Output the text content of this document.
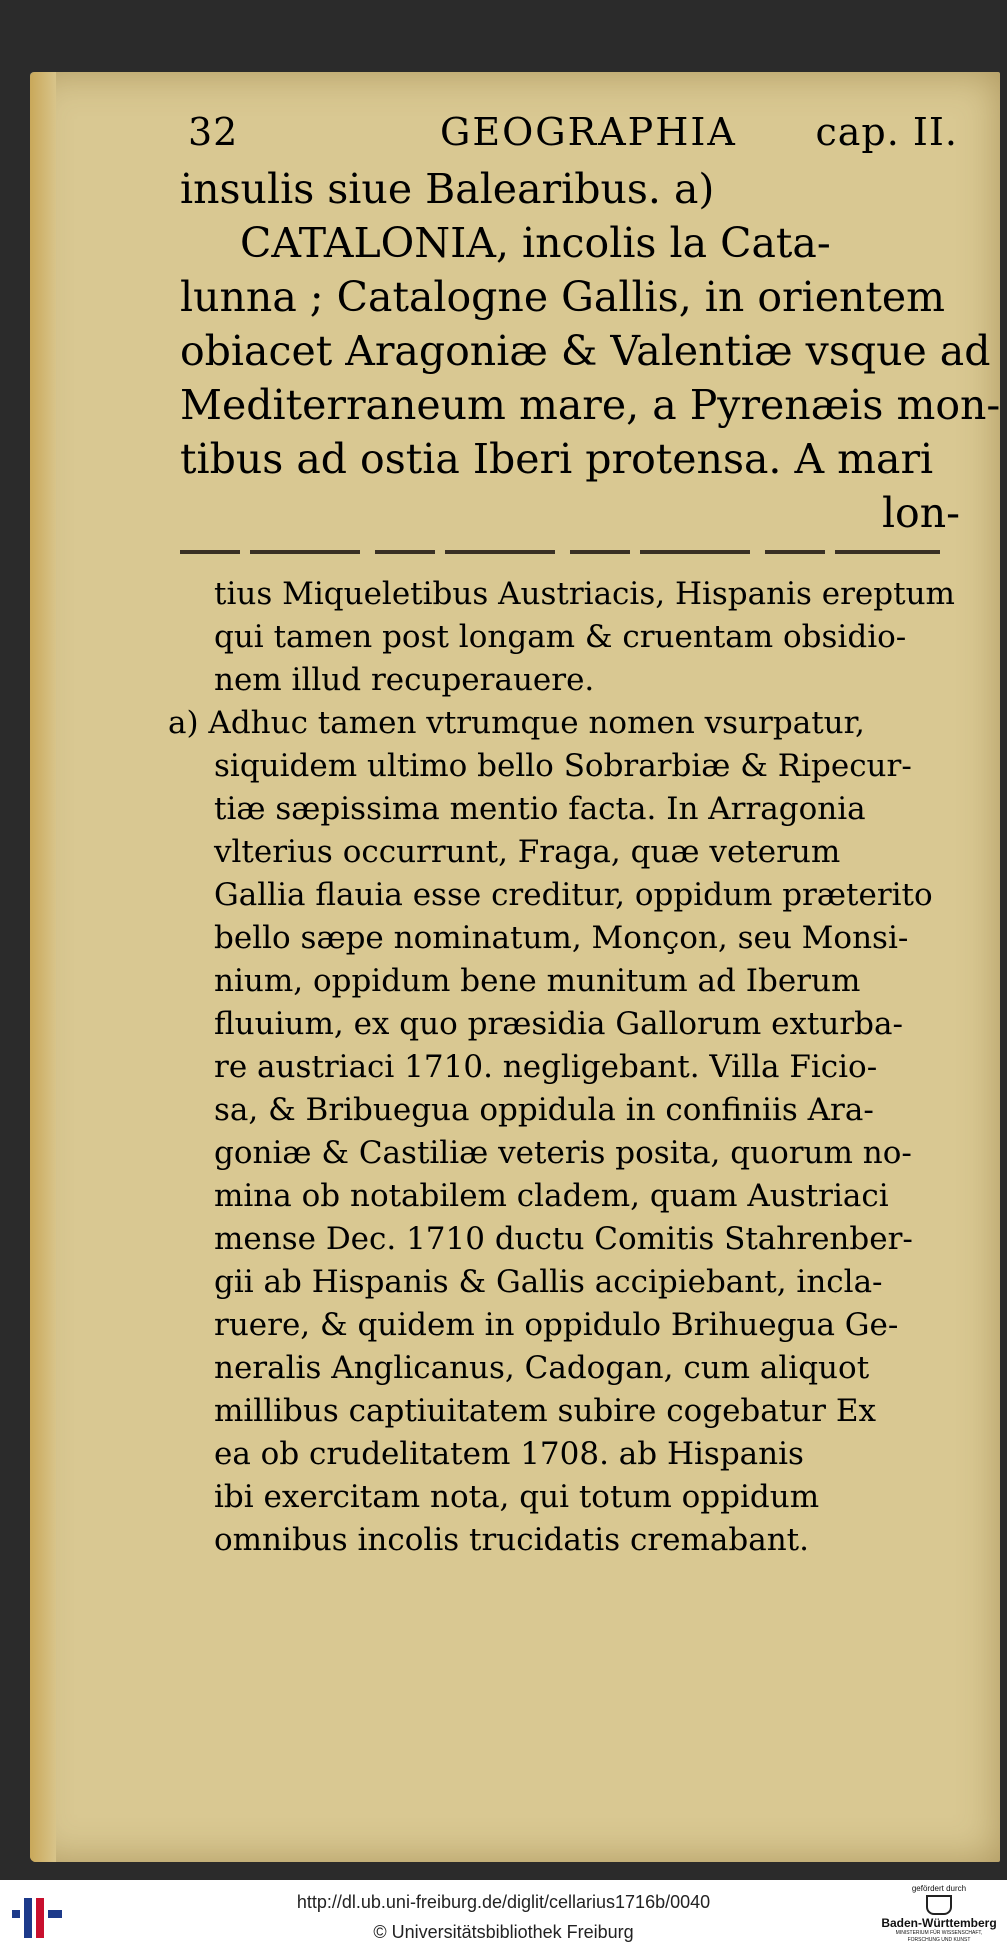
32	GEOGRAPHIA cap. II.
insulis siue Balearibus. a)
CATALONIA, incolis la Cata-
lunna ; Catalogne Gallis, in orientem
obiacet Aragoniæ & Valentiæ vsque ad
Mediterraneum mare, a Pyrenæis mon-
tibus ad ostia Iberi protensa. A mari
lon-
tius Miqueletibus Austriacis, Hispanis ereptum
qui tamen post longam & cruentam obsidio-
nem illud recuperauere.
a) Adhuc tamen vtrumque nomen vsurpatur,
siquidem ultimo bello Sobrarbiæ & Ripecur-
tiæ sæpissima mentio facta. In Arragonia
vlterius occurrunt, Fraga, quæ veterum
Gallia flauia esse creditur, oppidum præterito
bello sæpe nominatum, Monçon, seu Monsi-
nium, oppidum bene munitum ad Iberum
fluuium, ex quo præsidia Gallorum exturba-
re austriaci 1710. negligebant. Villa Ficio-
sa, & Bribuegua oppidula in confiniis Ara-
goniæ & Castiliæ veteris posita, quorum no-
mina ob notabilem cladem, quam Austriaci
mense Dec. 1710 ductu Comitis Stahrenber-
gii ab Hispanis & Gallis accipiebant, incla-
ruere, & quidem in oppidulo Brihuegua Ge-
neralis Anglicanus, Cadogan, cum aliquot
millibus captiuitatem subire cogebatur Ex
ea ob crudelitatem 1708. ab Hispanis
ibi exercitam nota, qui totum oppidum
omnibus incolis trucidatis cremabant.
http://dl.ub.uni-freiburg.de/diglit/cellarius1716b/0040
© Universitätsbibliothek Freiburg
gefördert durch
Baden-Württemberg
MINISTERIUM FÜR WISSENSCHAFT, FORSCHUNG UND KUNST
